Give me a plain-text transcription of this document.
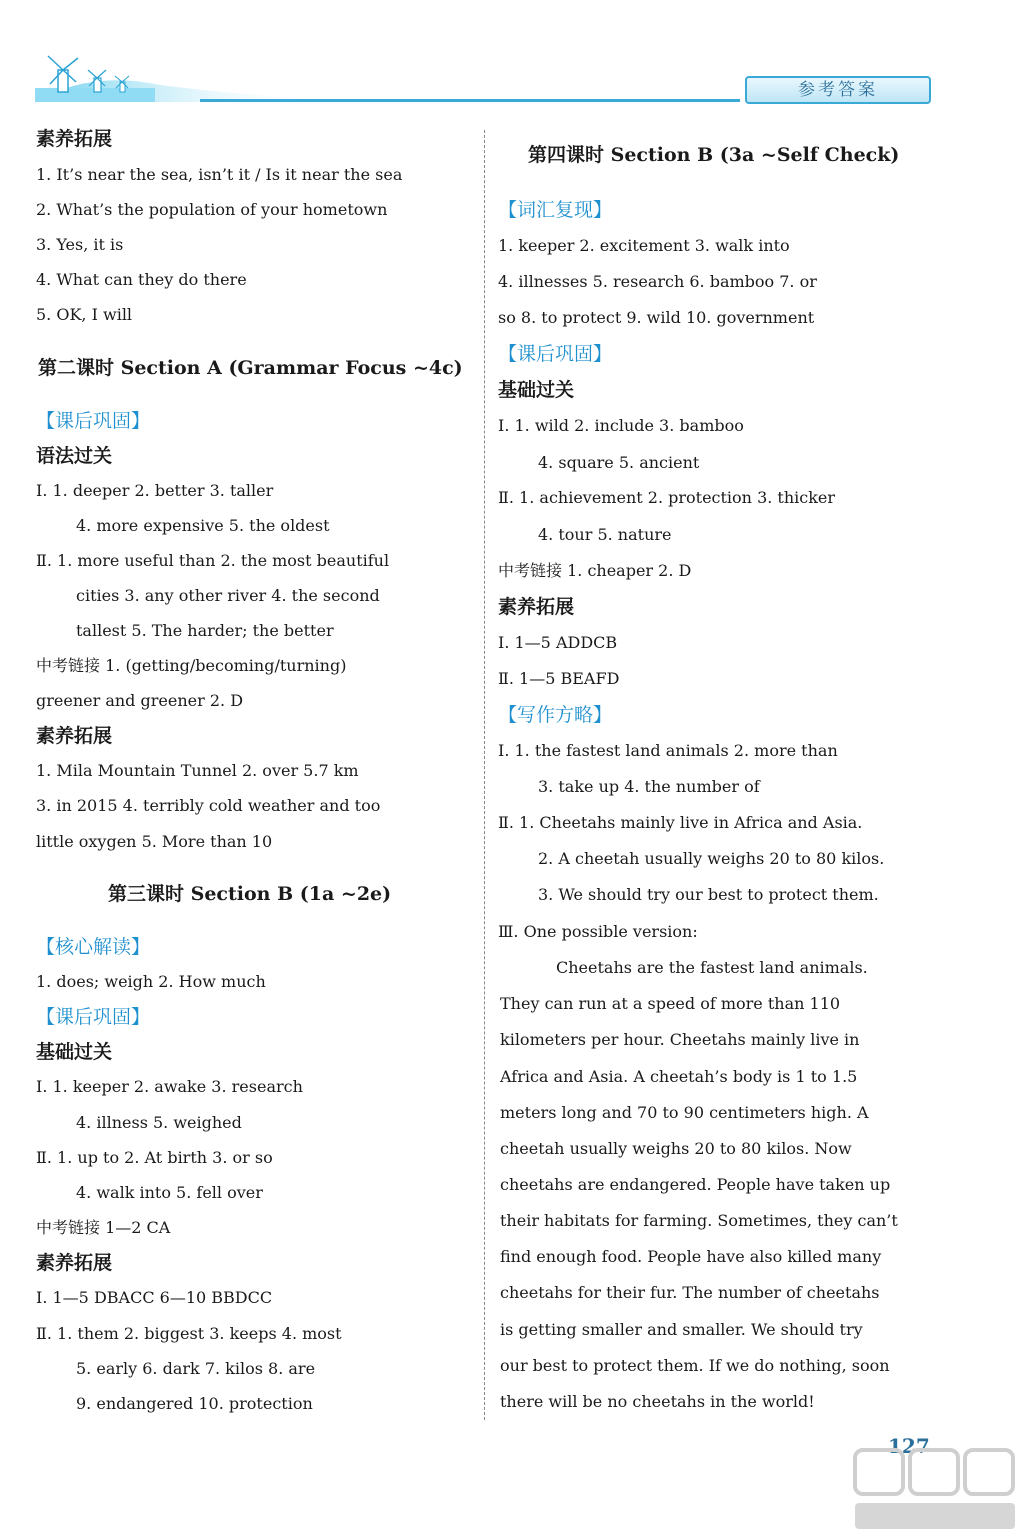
参考答案
素养拓展
1. It’s near the sea, isn’t it / Is it near the sea
2. What’s the population of your hometown
3. Yes, it is
4. What can they do there
5. OK, I will
第二课时 Section A (Grammar Focus ~4c)
【课后巩固】
语法过关
Ⅰ. 1. deeper 2. better 3. taller
4. more expensive 5. the oldest
Ⅱ. 1. more useful than 2. the most beautiful
cities 3. any other river 4. the second
tallest 5. The harder; the better
中考链接 1. (getting/becoming/turning)
greener and greener 2. D
素养拓展
1. Mila Mountain Tunnel 2. over 5.7 km
3. in 2015 4. terribly cold weather and too
little oxygen 5. More than 10
第三课时 Section B (1a ~2e)
【核心解读】
1. does; weigh 2. How much
【课后巩固】
基础过关
Ⅰ. 1. keeper 2. awake 3. research
4. illness 5. weighed
Ⅱ. 1. up to 2. At birth 3. or so
4. walk into 5. fell over
中考链接 1—2 CA
素养拓展
Ⅰ. 1—5 DBACC 6—10 BBDCC
Ⅱ. 1. them 2. biggest 3. keeps 4. most
5. early 6. dark 7. kilos 8. are
9. endangered 10. protection
第四课时 Section B (3a ~Self Check)
【词汇复现】
1. keeper 2. excitement 3. walk into
4. illnesses 5. research 6. bamboo 7. or
so 8. to protect 9. wild 10. government
【课后巩固】
基础过关
Ⅰ. 1. wild 2. include 3. bamboo
4. square 5. ancient
Ⅱ. 1. achievement 2. protection 3. thicker
4. tour 5. nature
中考链接 1. cheaper 2. D
素养拓展
Ⅰ. 1—5 ADDCB
Ⅱ. 1—5 BEAFD
【写作方略】
Ⅰ. 1. the fastest land animals 2. more than
3. take up 4. the number of
Ⅱ. 1. Cheetahs mainly live in Africa and Asia.
2. A cheetah usually weighs 20 to 80 kilos.
3. We should try our best to protect them.
Ⅲ. One possible version:
Cheetahs are the fastest land animals.
They can run at a speed of more than 110
kilometers per hour. Cheetahs mainly live in
Africa and Asia. A cheetah’s body is 1 to 1.5
meters long and 70 to 90 centimeters high. A
cheetah usually weighs 20 to 80 kilos. Now
cheetahs are endangered. People have taken up
their habitats for farming. Sometimes, they can’t
find enough food. People have also killed many
cheetahs for their fur. The number of cheetahs
is getting smaller and smaller. We should try
our best to protect them. If we do nothing, soon
there will be no cheetahs in the world!
127
